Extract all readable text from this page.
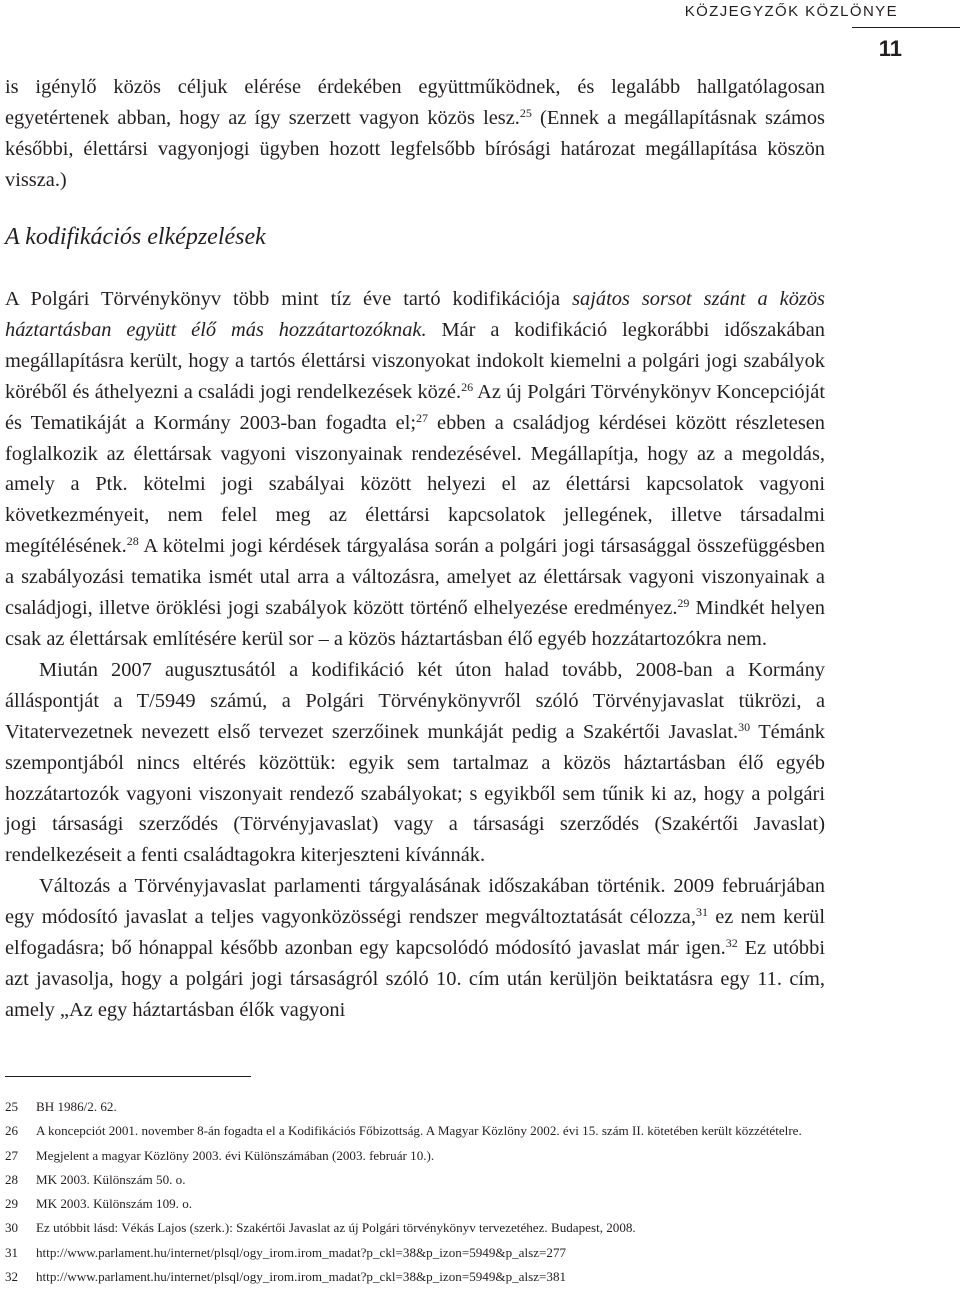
KÖZJEGYZŐK KÖZLÖNYE
11

is igénylő közös céljuk elérése érdekében együttműködnek, és legalább hallgatólagosan egyetértenek abban, hogy az így szerzett vagyon közös lesz.$^{25}$ (Ennek a megállapításnak számos későbbi, élettársi vagyonjogi ügyben hozott legfelsőbb bírósági határozat megállapítása köszön vissza.)

A kodifikációs elképzelések

A Polgári Törvénykönyv több mint tíz éve tartó kodifikációja sajátos sorsot szánt a közös háztartásban együtt élő más hozzátartozóknak. Már a kodifikáció legkorábbi időszakában megállapításra került, hogy a tartós élettársi viszonyokat indokolt kiemelni a polgári jogi szabályok köréből és áthelyezni a családi jogi rendelkezések közé.$^{26}$ Az új Polgári Törvénykönyv Koncepcióját és Tematikáját a Kormány 2003-ban fogadta el;$^{27}$ ebben a családjog kérdései között részletesen foglalkozik az élettársak vagyoni viszonyainak rendezésével. Megállapítja, hogy az a megoldás, amely a Ptk. kötelmi jogi szabályai között helyezi el az élettársi kapcsolatok vagyoni következményeit, nem felel meg az élettársi kapcsolatok jellegének, illetve társadalmi megítélésének.$^{28}$ A kötelmi jogi kérdések tárgyalása során a polgári jogi társasággal összefüggésben a szabályozási tematika ismét utal arra a változásra, amelyet az élettársak vagyoni viszonyainak a családjogi, illetve öröklési jogi szabályok között történő elhelyezése eredményez.$^{29}$ Mindkét helyen csak az élettársak említésére kerül sor – a közös háztartásban élő egyéb hozzátartozókra nem.

Miután 2007 augusztusától a kodifikáció két úton halad tovább, 2008-ban a Kormány álláspontját a T/5949 számú, a Polgári Törvénykönyvről szóló Törvényjavaslat tükrözi, a Vitatervezetnek nevezett első tervezet szerzőinek munkáját pedig a Szakértői Javaslat.$^{30}$ Témánk szempontjából nincs eltérés közöttük: egyik sem tartalmaz a közös háztartásban élő egyéb hozzátartozók vagyoni viszonyait rendező szabályokat; s egyikből sem tűnik ki az, hogy a polgári jogi társasági szerződés (Törvényjavaslat) vagy a társasági szerződés (Szakértői Javaslat) rendelkezéseit a fenti családtagokra kiterjeszteni kívánnák.

Változás a Törvényjavaslat parlamenti tárgyalásának időszakában történik. 2009 februárjában egy módosító javaslat a teljes vagyonközösségi rendszer megváltoztatását célozza,$^{31}$ ez nem kerül elfogadásra; bő hónappal később azonban egy kapcsolódó módosító javaslat már igen.$^{32}$ Ez utóbbi azt javasolja, hogy a polgári jogi társaságról szóló 10. cím után kerüljön beiktatásra egy 11. cím, amely „Az egy háztartásban élők vagyoni

25	BH 1986/2. 62.
26	A koncepciót 2001. november 8-án fogadta el a Kodifikációs Főbizottság. A Magyar Közlöny 2002. évi 15. szám II. kötetében került közzétételre.
27	Megjelent a magyar Közlöny 2003. évi Különszámában (2003. február 10.).
28	MK 2003. Különszám 50. o.
29	MK 2003. Különszám 109. o.
30	Ez utóbbit lásd: Vékás Lajos (szerk.): Szakértői Javaslat az új Polgári törvénykönyv tervezetéhez. Budapest, 2008.
31	http://www.parlament.hu/internet/plsql/ogy_irom.irom_madat?p_ckl=38&p_izon=5949&p_alsz=277
32	http://www.parlament.hu/internet/plsql/ogy_irom.irom_madat?p_ckl=38&p_izon=5949&p_alsz=381
